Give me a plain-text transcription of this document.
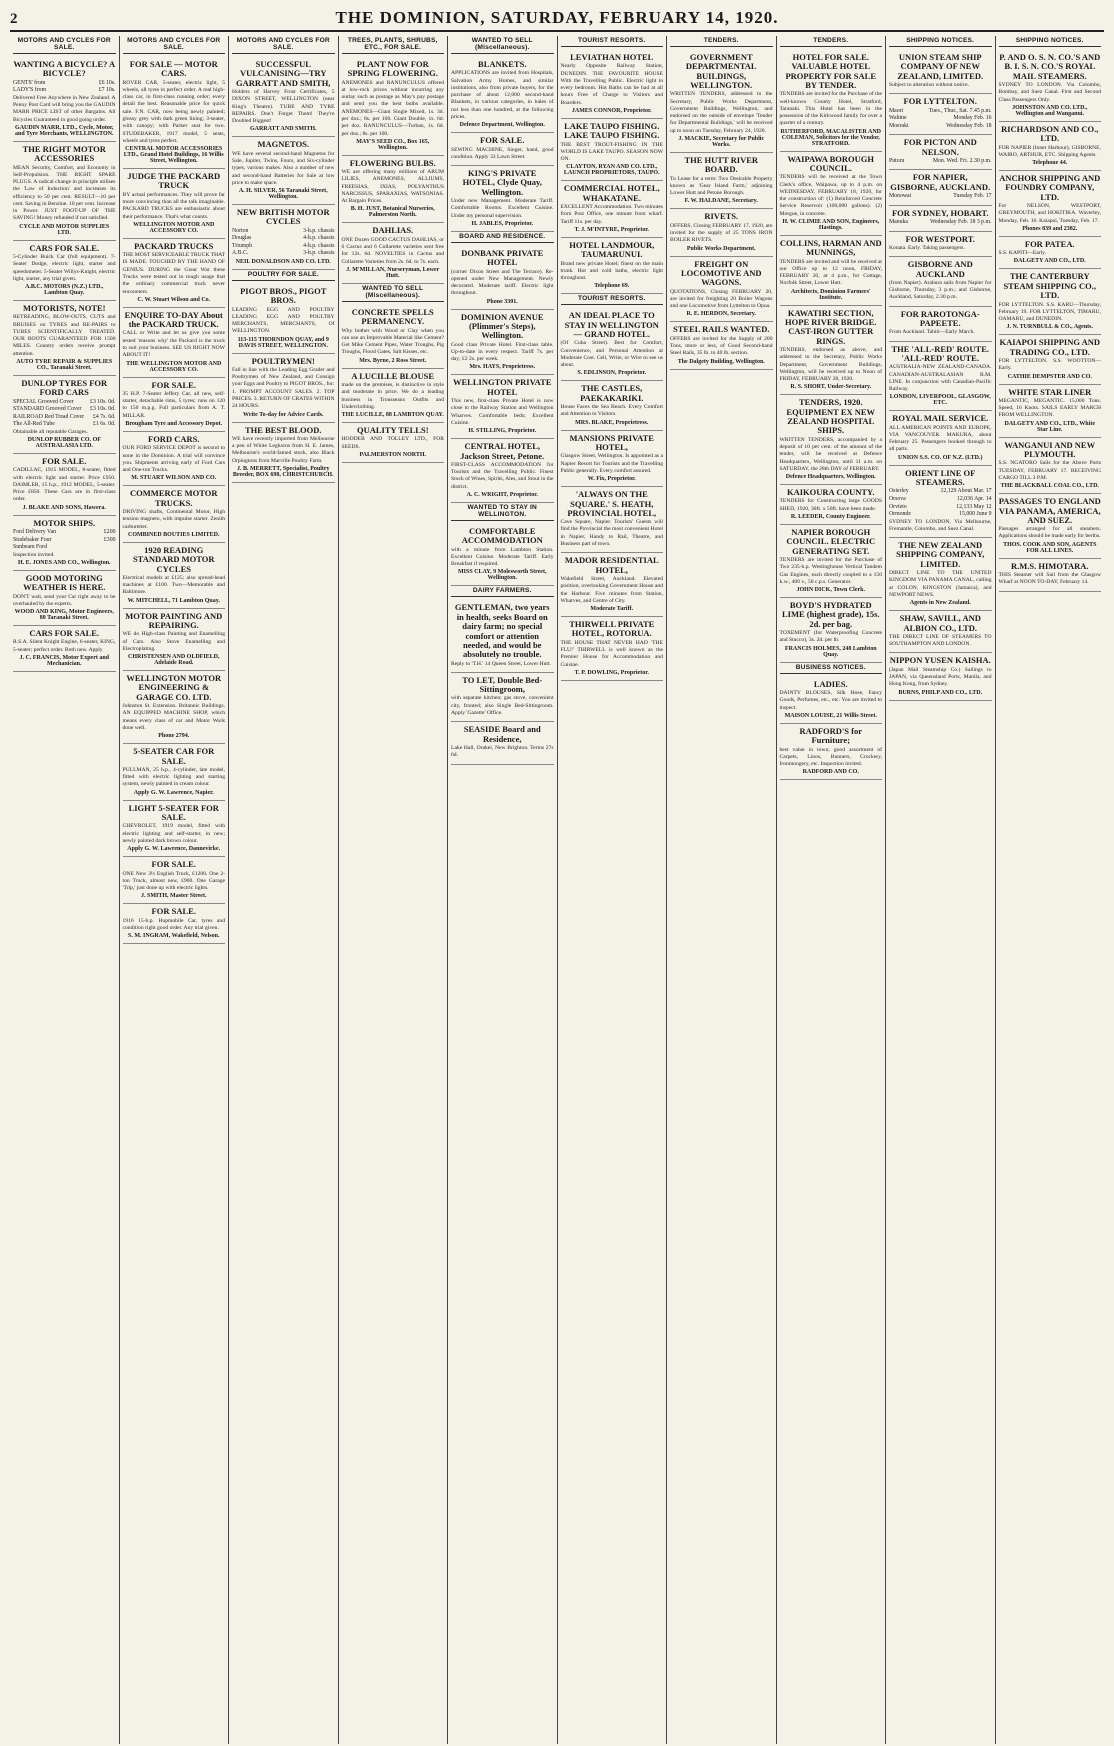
2	THE DOMINION, SATURDAY, FEBRUARY 14, 1920.
MOTORS AND CYCLES FOR SALE.
WANTING A BICYCLE? A BICYCLE?
GENTS' from	£6 10s.
LADY'S from	£7 10s.
Delivered Free Anywhere in New Zealand. A Penny Post Card will bring you the GAUDIN MARR PRICE LIST of other Bargains. All Bicycles Guaranteed in good going order.
GAUDIN MARR, LTD., Cycle, Motor, and Tyre Merchants, WELLINGTON.
THE RIGHT MOTOR ACCESSORIES
MEAN Security, Comfort, and Economy in Self-Propulsion. THE RIGHT SPARE PLUGS. A radical change in principle utilises the 'Law of Induction' and increases its efficiency to 50 per cent. RESULT—10 per cent. Saving in Benzine. 10 per cent. Increase in Power. JUST FOOT-UP OF THE SAVING! Money refunded if not satisfied.
CYCLE AND MOTOR SUPPLIES LTD.
CARS FOR SALE.
5-Cylinder Buick Car (full equipment). 7-Seater Dodge, electric light, starter and speedometer. 5-Seater Willys-Knight, electric light, starter, any trial given.
A.B.C. MOTORS (N.Z.) LTD., Lambton Quay.
MOTORISTS, NOTE!
RETREADING, BLOW-OUTS, CUTS and BRUISES on TYRES and RE-PAIRS to TUBES SCIENTIFICALLY TREATED. OUR BOOTS GUARANTEED FOR 1500 MILES. Country orders receive prompt attention.
AUTO TYRE REPAIR & SUPPLIES CO., Taranaki Street.
DUNLOP TYRES FOR FORD CARS
SPECIAL Grooved Cover	£3 10s. 0d.
STANDARD Grooved Cover £3 10s. 0d.
RAILROAD Red Tread Cover £4 7s. 6d.
The All-Red Tube	£1 6s. 0d.
Obtainable all reputable Garages.
DUNLOP RUBBER CO. OF AUSTRALASIA LTD.
FOR SALE.
CADILLAC, 1915 MODEL, 8-seater, fitted with electric light and starter. Price £950. DAIMLER, 15 h.p., 1912 MODEL, 5-seater. Price £850. These Cars are in first-class order.
J. BLAKE AND SONS, Hawera.
MOTOR SHIPS.
Ford Delivery Van	£200
Studebaker Four	£300
Sunbeam Ford
Inspection invited.
H. E. JONES AND CO., Wellington.
GOOD MOTORING WEATHER IS HERE.
DON'T wait, send your Car right away to be overhauled by the experts.
WOOD AND KING, Motor Engineers, 80 Taranaki Street.
CARS FOR SALE.
R.S.A. Silent Knight Engine, 6-seater, KING, 5-seater; perfect order. Both new. Apply
J. C. FRANCIS, Motor Expert and Mechanician.
MOTORS AND CYCLES FOR SALE.
FOR SALE — MOTOR CARS.
ROVER CAR, 5-seater, electric light, 5 wheels, all tyres in perfect order. A real high-class car, in first-class running order; every detail the best. Reasonable price for quick sale. F.N. CAR, now being newly painted; glossy grey with dark green lining; 3-seater, with canopy; with Parker seat for two. STUDEBAKER, 1917 model, 5 seats, wheels and tyres perfect.
CENTRAL MOTOR ACCESSORIES LTD., Grand Hotel Buildings, 16 Willis Street, Wellington.
JUDGE THE PACKARD TRUCK
BY actual performances. They will prove far more convincing than all the talk imaginable. PACKARD TRUCKS are enthusiastic about their performance. That's what counts.
WELLINGTON MOTOR AND ACCESSORY CO.
PACKARD TRUCKS
THE MOST SERVICEABLE TRUCK THAT IS MADE. TOUCHED BY THE HAND OF GENIUS. DURING the Great War these Trucks were tested out in rough usage that the ordinary commercial truck never encounters.
C. W. Stuart Wilson and Co.
ENQUIRE TO-DAY About the PACKARD TRUCK.
CALL or Write and let us give you some tested 'reasons why' the Packard is the truck to suit your business. SEE US RIGHT NOW ABOUT IT!
THE WELLINGTON MOTOR AND ACCESSORY CO.
FOR SALE.
35 H.P. 7-Seater Jeffery Car, all new, self-starter, detachable rims, 5 tyres; runs on 120 to 150 m.p.g. Full particulars from A. T. MILLAR.
Brougham Tyre and Accessory Depot.
FORD CARS.
OUR FORD SERVICE DEPOT is second to none in the Dominion. A trial will convince you. Shipments arriving early of Ford Cars and One-ton Trucks.
M. STUART WILSON AND CO.
COMMERCE MOTOR TRUCKS.
DRIVING shafts, Continental Motor, High tension magneto, with impulse starter. Zenith carburetter.
COMBINED BOUTIES LIMITED.
1920 READING STANDARD MOTOR CYCLES
Electrical models at £125; also spread-head machines at £100. Two—Memorable and Baltimore.
W. MITCHELL, 71 Lambton Quay.
MOTOR PAINTING AND REPAIRING.
WE do High-class Painting and Enamelling of Cars. Also Stove Enamelling and Electroplating.
CHRISTENSEN AND OLDFIELD, Adelaide Road.
WELLINGTON MOTOR ENGINEERING & GARAGE CO. LTD.
Johnston St. Extension. Britannic Buildings. AN EQUIPPED MACHINE SHOP, which means every class of car and Motor Work done well.
Phone 2794.
5-SEATER CAR FOR SALE.
PULLMAN, 25 h.p., 4-cylinder, late model, fitted with electric lighting and starting system, newly painted in cream colour.
Apply G. W. Lawrence, Napier.
LIGHT 5-SEATER FOR SALE.
CHEVROLET, 1919 model, fitted with electric lighting and self-starter, in new; newly painted dark brown colour.
Apply G. W. Lawrence, Dannevirke.
FOR SALE.
ONE New 3½ English Truck, £1200. One 2-ton Truck, almost new, £900. One Garage 'Trip,' just done up with electric lights.
J. SMITH, Master Street.
FOR SALE.
1916 15-h.p. Hupmobile Car, tyres and condition right good order. Any trial given.
S. M. INGRAM, Wakefield, Nelson.
MOTORS AND CYCLES FOR SALE.
SUCCESSFUL VULCANISING—TRY GARRATT AND SMITH,
Holders of Harvey Frost Certificates, 5 DIXON STREET, WELLINGTON (near King's Theatre). TUBE AND TYRE REPAIRS. Don't Forget Them! They're Doubled Biggest!
GARRATT AND SMITH.
MAGNETOS.
WE have several second-hand Magnetos for Sale, Jupiter, Twins, Fours, and Six-cylinder types, various makes. Also a number of new and second-hand Batteries for Sale at low price to make space.
A. H. SILVER, 56 Taranaki Street, Wellington.
NEW BRITISH MOTOR CYCLES
Norton	3-h.p. chassis
Douglas	4-h.p. chassis
Triumph	4-h.p. chassis
A.B.C.	3-h.p. chassis
NEIL DONALDSON AND CO. LTD.
POULTRY FOR SALE.
PIGOT BROS., PIGOT BROS.
LEADING EGG AND POULTRY LEADING EGG AND POULTRY MERCHANTS, MERCHANTS, Of WELLINGTON.
113-115 THORNDON QUAY, and 9 DAVIS STREET, WELLINGTON.
POULTRYMEN!
Fall in line with the Leading Egg Grader and Poultrymen of New Zealand, and Consign your Eggs and Poultry to PIGOT BROS., for: 1. PROMPT ACCOUNT SALES. 2. TOP PRICES. 3. RETURN OF CRATES WITHIN 24 HOURS.
Write To-day for Advice Cards.
THE BEST BLOOD.
WE have recently imported from Melbourne a pen of White Leghorns from H. E. James, Melbourne's world-famed stock, also Black Orpingtons from Marville Poultry Farm.
J. B. MERRETT, Specialist, Poultry Breeder, BOX 698, CHRISTCHURCH.
TREES, PLANTS, SHRUBS, ETC., FOR SALE.
PLANT NOW FOR SPRING FLOWERING.
ANEMONES and RANUNCULUS offered at low-rock prices without incurring any outlay such as postage as May's pay postage and send you the best bulbs available. ANEMONES—Giant Single Mixed, 1s. 3d. per doz.; 8s. per 100. Giant Double, 1s. 6d. per doz. RANUNCULUS—Turban, 1s. 6d. per doz.; 8s. per 100.
MAY'S SEED CO., Box 165, Wellington.
FLOWERING BULBS.
WE are offering many millions of ARUM LILIES, ANEMONES, ALLIUMS, FREESIAS, IXIAS, POLYANTHUS NARCISSUS, SPARAXIAS, WATSONIAS. At Bargain Prices.
B. H. JUST, Botanical Nurseries, Palmerston North.
DAHLIAS.
ONE Dozen GOOD CACTUS DAHLIAS, or 6 Cactus and 6 Collarette varieties sent free for 12s. 6d. NOVELTIES in Cactus and Collarette Varieties from 2s. 6d. to 7s. each.
J. M'MILLAN, Nurseryman, Lower Hutt.
WANTED TO SELL (Miscellaneous).
CONCRETE SPELLS PERMANENCY.
Why bother with Wood or Clay when you can use an Improvable Material like Cement? Get Mike Cement Pipes, Water Troughs, Pig Troughs, Flood Gates, Salt Kisses, etc.
Mrs. Byrne, 2 Ross Street.
A LUCILLE BLOUSE
made on the premises, is distinctive in style and moderate in price. We do a leading business in Trousseaux Outfits and Underclothing.
THE LUCILLE, 88 LAMBTON QUAY.
QUALITY TELLS!
HODDER AND TOLLEY LTD., FOR SEEDS.
PALMERSTON NORTH.
WANTED TO SELL (Miscellaneous).
BLANKETS.
APPLICATIONS are invited from Hospitals, Salvation Army Homes, and similar institutions, also from private buyers, for the purchase of about 12,000 second-hand Blankets, in various categories, in bales of not less than one hundred, at the following prices.
Defence Department, Wellington.
FOR SALE.
SEWING MACHINE, Singer, hand, good condition. Apply 33 Lawn Street.
KING'S PRIVATE HOTEL, Clyde Quay, Wellington.
Under new Management. Moderate Tariff. Comfortable Rooms. Excellent Cuisine. Under my personal supervision.
H. JABLES, Proprietor.
BOARD AND RESIDENCE.
DONBANK PRIVATE HOTEL
(corner Dixon Street and The Terrace). Re-opened under New Management. Newly decorated. Moderate tariff. Electric light throughout.
Phone 3301.
DOMINION AVENUE (Plimmer's Steps), Wellington.
Good class Private Hotel. First-class table. Up-to-date in every respect. Tariff 7s. per day; £2 2s. per week.
Mrs. HAYS, Proprietress.
WELLINGTON PRIVATE HOTEL
This new, first-class Private Hotel is now close to the Railway Station and Wellington Wharves. Comfortable beds; Excellent Cuisine.
H. STILLING, Proprietor.
CENTRAL HOTEL, Jackson Street, Petone.
FIRST-CLASS ACCOMMODATION for Tourists and the Travelling Public. Finest Stock of Wines, Spirits, Ales, and Stout in the district.
A. C. WRIGHT, Proprietor.
WANTED TO STAY IN WELLINGTON.
COMFORTABLE ACCOMMODATION
with a minute from Lambton Station. Excellent Cuisine. Moderate Tariff. Early Breakfast if required.
MISS CLAY, 9 Molesworth Street, Wellington.
DAIRY FARMERS.
GENTLEMAN, two years in health, seeks Board on dairy farm; no special comfort or attention needed, and would be absolutely no trouble.
Reply to 'T.H.' 14 Queen Street, Lower Hutt.
TO LET, Double Bed-Sittingroom,
with separate kitchen; gas stove, convenient city, fronted; also Single Bed-Sittingroom. Apply 'Gazette' Office.
SEASIDE Board and Residence,
Lake Hall, Orakei, New Brighton. Terms 27s 6d.
TOURIST RESORTS.
LEVIATHAN HOTEL
Nearly Opposite Railway Station, DUNEDIN. THE FAVOURITE HOUSE With the Travelling Public. Electric light in every bedroom. Hot Baths can be had at all hours Free of Charge to Visitors and Boarders.
JAMES CONNOR, Proprietor.
LAKE TAUPO FISHING. LAKE TAUPO FISHING.
THE BEST TROUT-FISHING IN THE WORLD IS LAKE TAUPO. SEASON NOW ON.
CLAYTON, RYAN AND CO. LTD., LAUNCH PROPRIETORS, TAUPO.
COMMERCIAL HOTEL, WHAKATANE.
EXCELLENT Accommodation. Two minutes from Post Office, one minute from wharf. Tariff 11s. per day.
T. J. M'INTYRE, Proprietor.
HOTEL LANDMOUR, TAUMARUNUI.
Brand new private Hotel; finest on the main trunk. Hot and cold baths, electric light throughout.
Telephone 69.
TOURIST RESORTS.
AN IDEAL PLACE TO STAY IN WELLINGTON — GRAND HOTEL.
(Of Cuba Street). Best for Comfort, Convenience, and Personal Attention at Moderate Cost. Cell, Write, or Wire to see us about.
S. EDLINSON, Proprietor.
THE CASTLES, PAEKAKARIKI.
House Faces the Sea Beach. Every Comfort and Attention to Visitors.
MRS. BLAKE, Proprietress.
MANSIONS PRIVATE HOTEL,
Glasgow Street, Wellington. Is appointed as a Napier Resort for Tourists and the Travelling Public generally. Every comfort assured.
W. Fix, Proprietor.
'ALWAYS ON THE SQUARE.' S. HEATH, PROVINCIAL HOTEL,
Cave Square, Napier. Tourists' Guests will find the Provincial the most convenient Hotel in Napier, Handy to Rail, Theatre, and Business part of town.
MADOR RESIDENTIAL HOTEL,
Wakefield Street, Auckland. Elevated position, overlooking Government House and the Harbour. Five minutes from Station, Wharves, and Centre of City.
Moderate Tariff.
THIRWELL PRIVATE HOTEL, ROTORUA.
THE HOUSE THAT NEVER HAD 'THE FLU!' THIRWELL is well known as the Premier House for Accommodation and Cuisine.
T. P. DOWLING, Proprietor.
TENDERS.
GOVERNMENT DEPARTMENTAL BUILDINGS, WELLINGTON.
WRITTEN TENDERS, addressed to the Secretary, Public Works Department, Government Buildings, Wellington, and endorsed on the outside of envelope 'Tender for Departmental Buildings,' will be received up to noon on Tuesday, February 24, 1920.
J. MACKIE, Secretary for Public Works.
THE HUTT RIVER BOARD.
To Lease for a term: Two Desirable Property known as 'Gear Island Farm,' adjoining Lower Hutt and Petone Borough.
F. W. HALDANE, Secretary.
RIVETS.
OFFERS, Closing FEBRUARY 17, 1920, are invited for the supply of 25 TONS IRON BOILER RIVETS.
Public Works Department.
FREIGHT ON LOCOMOTIVE AND WAGONS.
QUOTATIONS, Closing FEBRUARY 20, are invited for freighting 20 Boiler Wagons and one Locomotive from Lyttelton to Opua.
R. E. HERDON, Secretary.
STEEL RAILS WANTED.
OFFERS are invited for the Supply of 200 Tons, more or less, of Good Second-hand Steel Rails, 35 lb. to 40 lb. section.
The Dalgety Building, Wellington.
TENDERS.
HOTEL FOR SALE. VALUABLE HOTEL PROPERTY FOR SALE BY TENDER.
TENDERS are invited for the Purchase of the well-known County Hotel, Stratford, Taranaki. This Hotel has been in the possession of the Kirkwood family for over a quarter of a century.
RUTHERFORD, MACALISTER AND COLEMAN, Solicitors for the Vendor, STRATFORD.
WAIPAWA BOROUGH COUNCIL.
TENDERS will be received at the Town Clerk's office, Waipawa, up to 4 p.m. on WEDNESDAY, FEBRUARY 18, 1920, for the construction of: (1) Reinforced Concrete Service Reservoir (100,000 gallons). (2) Morgue, in concrete.
H. W. CLIMIE AND SON, Engineers, Hastings.
COLLINS, HARMAN AND MUNNINGS,
TENDERS are invited and will be received at our Office up to 12 noon, FRIDAY, FEBRUARY 20, at 4 p.m., for Cottage, Norfolk Street, Lower Hutt.
Architects, Dominion Farmers' Institute.
KAWATIRI SECTION, HOPE RIVER BRIDGE. CAST-IRON GUTTER RINGS.
TENDERS, endorsed as above, and addressed to the Secretary, Public Works Department, Government Buildings, Wellington, will be received up to Noon of FRIDAY, FEBRUARY 28, 1920.
R. S. SHORT, Under-Secretary.
TENDERS, 1920. EQUIPMENT EX NEW ZEALAND HOSPITAL SHIPS.
WRITTEN TENDERS, accompanied by a deposit of 10 per cent. of the amount of the tender, will be received at Defence Headquarters, Wellington, until 11 a.m. on SATURDAY, the 28th DAY of FEBRUARY.
Defence Headquarters, Wellington.
KAIKOURA COUNTY.
TENDERS for Constructing large GOODS SHED, 1920, 30ft. x 50ft. have been made.
R. LEEDER, County Engineer.
NAPIER BOROUGH COUNCIL. ELECTRIC GENERATING SET.
TENDERS are invited for the Purchase of Two 235-h.p. Westinghouse Vertical Tandem Gas Engines, each directly coupled to a 150 k.w., 400 v., 50 c.p.s. Generator.
JOHN DICK, Town Clerk.
BOYD'S HYDRATED LIME (highest grade), 15s. 2d. per bag.
TOXEMENT (for Waterproofing Concrete and Stucco), 3s. 2d. per lb.
FRANCIS HOLMES, 248 Lambton Quay.
BUSINESS NOTICES.
LADIES.
DAINTY BLOUSES, Silk Hose, Fancy Goods, Perfumes, etc., etc. You are invited to inspect.
MAISON LOUISE, 21 Willis Street.
RADFORD'S for Furniture;
best value in town; good assortment of Carpets, Linos, Runners, Crockery, Ironmongery, etc. Inspection invited.
RADFORD AND CO.
SHIPPING NOTICES.
UNION STEAM SHIP COMPANY OF NEW ZEALAND, LIMITED.
Subject to alteration without notice.
FOR LYTTELTON.
Maori	Tues., Thur., Sat. 7.45 p.m.
Wahine	Monday Feb. 16
Moeraki	Wednesday Feb. 18
FOR PICTON AND NELSON.
Putoru	Mon. Wed. Fri. 2.30 p.m.
FOR NAPIER, GISBORNE, AUCKLAND.
Monowai	Tuesday Feb. 17
FOR SYDNEY, HOBART.
Manuka	Wednesday Feb. 18 3 p.m.
FOR WESTPORT.
Konata. Early. Taking passengers.
GISBORNE AND AUCKLAND
(from Napier). Arahura sails from Napier for Gisborne, Thursday, 3 p.m.; and Gisborne, Auckland, Saturday, 2.30 p.m.
FOR RAROTONGA-PAPEETE.
From Auckland. Tahiti—Early March.
THE 'ALL-RED' ROUTE. 'ALL-RED' ROUTE.
AUSTRALIA-NEW ZEALAND-CANADA. CANADIAN-AUSTRALASIAN R.M. LINE. In conjunction with Canadian-Pacific Railway.
LONDON, LIVERPOOL, GLASGOW, ETC.
ROYAL MAIL SERVICE.
ALL AMERICAN POINTS AND EUROPE, VIA VANCOUVER. MAKURA, about February 25. Passengers booked through to all parts.
UNION S.S. CO. OF N.Z. (LTD.)
ORIENT LINE OF STEAMERS.
Osterley	12,129 About Mar. 17
Orsova	12,036 Apr. 14
Orvieto	12,133 May 12
Ormonde	15,000 June 9
SYDNEY TO LONDON, Via Melbourne, Fremantle, Colombo, and Suez Canal.
THE NEW ZEALAND SHIPPING COMPANY, LIMITED.
DIRECT LINE TO THE UNITED KINGDOM VIA PANAMA CANAL, calling at COLON, KINGSTON (Jamaica), and NEWPORT NEWS.
Agents in New Zealand.
SHAW, SAVILL, AND ALBION CO., LTD.
THE DIRECT LINE OF STEAMERS TO SOUTHAMPTON AND LONDON.
NIPPON YUSEN KAISHA.
(Japan Mail Steamship Co.) Sailings to JAPAN, via Queensland Ports, Manila, and Hong Kong, from Sydney.
BURNS, PHILP AND CO., LTD.
SHIPPING NOTICES.
P. AND O. S. N. CO.'S AND B. I. S. N. CO.'S ROYAL MAIL STEAMERS.
SYDNEY TO LONDON. Via Colombo, Bombay, and Suez Canal. First and Second Class Passengers Only.
JOHNSTON AND CO. LTD., Wellington and Wanganui.
RICHARDSON AND CO., LTD.
FOR NAPIER (Inner Harbour), GISBORNE, WAIRO, ARTHUR, ETC. Shipping Agents.
Telephone 44.
ANCHOR SHIPPING AND FOUNDRY COMPANY, LTD.
For NELSON, WESTPORT, GREYMOUTH, and HOKITIKA. Waverley, Monday, Feb. 16. Kaiapoi, Tuesday, Feb. 17.
Phones 839 and 2382.
FOR PATEA.
S.S. KAPITI—Early.
DALGETY AND CO., LTD.
THE CANTERBURY STEAM SHIPPING CO., LTD.
FOR LYTTELTON. S.S. KARU—Thursday, February 19. FOR LYTTELTON, TIMARU, OAMARU, and DUNEDIN.
J. N. TURNBULL & CO., Agents.
KAIAPOI SHIPPING AND TRADING CO., LTD.
FOR LYTTELTON. S.S. WOOTTON—Early.
CATHIE DEMPSTER AND CO.
WHITE STAR LINER
MEGANTIC, MEGANTIC. 15,000 Tons. Speed, 16 Knots. SAILS EARLY MARCH FROM WELLINGTON.
DALGETY AND CO., LTD., White Star Line.
WANGANUI AND NEW PLYMOUTH.
S.S. NGATORO Sails for the Above Ports TUESDAY, FEBRUARY 17. RECEIVING CARGO TILL 3 P.M.
THE BLACKBALL COAL CO., LTD.
PASSAGES TO ENGLAND VIA PANAMA, AMERICA, AND SUEZ.
Passages arranged for all steamers. Applications should be made early for berths.
THOS. COOK AND SON, AGENTS FOR ALL LINES.
R.M.S. HIMOTARA.
THIS Steamer will Sail from the Glasgow Wharf at NOON TO-DAY, February 14.
